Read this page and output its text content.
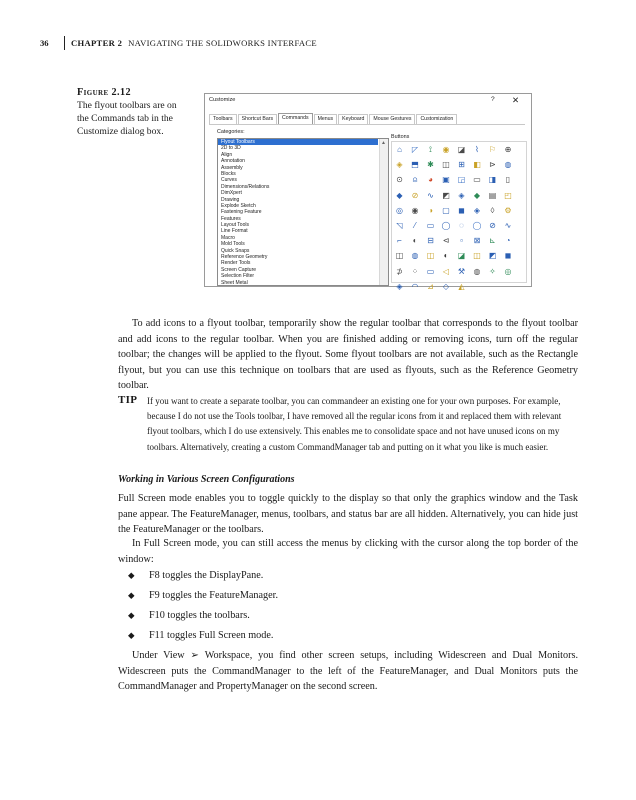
36	CHAPTER 2 NAVIGATING THE SOLIDWORKS INTERFACE
Figure 2.12
The flyout toolbars are on the Commands tab in the Customize dialog box.
Customize	? ✕
Toolbars	Shortcut Bars	Commands	Menus	Keyboard	Mouse Gestures	Customization
Categories:
Flyout Toolbars
2D to 3D
Align
Annotation
Assembly
Blocks
Curves
Dimensions/Relations
DimXpert
Drawing
Explode Sketch
Fastening Feature
Features
Layout Tools
Line Format
Macro
Mold Tools
Quick Snaps
Reference Geometry
Render Tools
Screen Capture
Selection Filter
Sheet Metal
▲
Buttons
⌂ ◸	⟟	◉ ◪	⌇	⚐ ⊕
◈ ⬒ ✱ ◫ ⊞ ◧ ⊳ ◍
⊙ ⍝ ◕ ▣ ◲ ▭ ◨ ▯
◆ ⊘ ∿ ◩ ◈ ◆ ▤ ◰
◎ ◉ ◑ ▢ ◼ ◈	◊	⚙
◹	⁄	▭ ◯ ◌ ◯ ⊘ ∿
⌐ ◐ ⊟ ⊲	▫	⊠ ⊾ ◔
◫ ◍ ◫ ◐ ◪ ◫ ◩ ◼
⊅ ⁘ ▭ ◁ ⚒ ◍ ✧ ◎
◈ ◠ ⊿ ◇ ◭
To add icons to a flyout toolbar, temporarily show the regular toolbar that corresponds to the flyout toolbar and add icons to the regular toolbar. When you are finished adding or removing icons, turn off the regular toolbar; the changes will be applied to the flyout. Some flyout toolbars are not available, such as the Rectangle flyout, but you can use this technique on toolbars that are used as flyouts, such as the Reference Geometry toolbar.
TIP If you want to create a separate toolbar, you can commandeer an existing one for your own purposes. For example, because I do not use the Tools toolbar, I have removed all the regular icons from it and replaced them with relevant flyout toolbars, which I do use extensively. This enables me to consolidate space and not have unused icons on my toolbars. Alternatively, creating a custom CommandManager tab and putting on it what you like is much easier.
Working in Various Screen Configurations
Full Screen mode enables you to toggle quickly to the display so that only the graphics window and the Task pane appear. The FeatureManager, menus, toolbars, and status bar are all hidden. Alternatively, you can hide just the FeatureManager or the toolbars.
In Full Screen mode, you can still access the menus by clicking with the cursor along the top border of the window:
◆ F8 toggles the DisplayPane.
◆ F9 toggles the FeatureManager.
◆ F10 toggles the toolbars.
◆ F11 toggles Full Screen mode.
Under View ➢ Workspace, you find other screen setups, including Widescreen and Dual Monitors. Widescreen puts the CommandManager to the left of the FeatureManager, and Dual Monitors puts the CommandManager and PropertyManager on the second screen.
